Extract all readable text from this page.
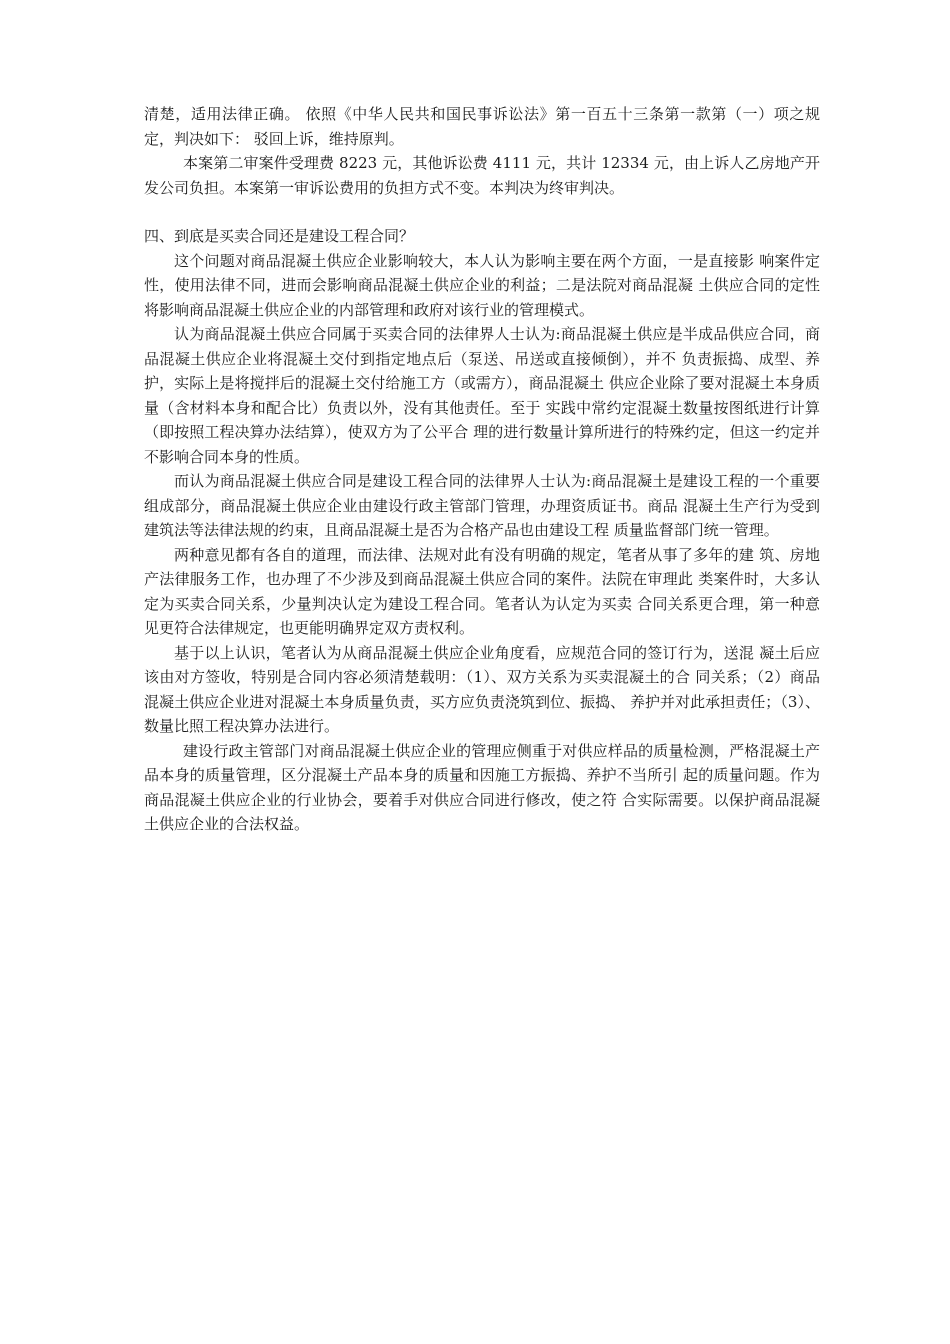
清楚，适用法律正确。 依照《中华人民共和国民事诉讼法》第一百五十三条第一款第（一）项之规定，判决如下： 驳回上诉，维持原判。

本案第二审案件受理费 8223 元，其他诉讼费 4111 元，共计 12334 元，由上诉人乙房地产开发公司负担。本案第一审诉讼费用的负担方式不变。本判决为终审判决。

四、到底是买卖合同还是建设工程合同？

这个问题对商品混凝土供应企业影响较大，本人认为影响主要在两个方面，一是直接影 响案件定性，使用法律不同，进而会影响商品混凝土供应企业的利益；二是法院对商品混凝 土供应合同的定性将影响商品混凝土供应企业的内部管理和政府对该行业的管理模式。

认为商品混凝土供应合同属于买卖合同的法律界人士认为:商品混凝土供应是半成品供应合同，商品混凝土供应企业将混凝土交付到指定地点后（泵送、吊送或直接倾倒），并不 负责振捣、成型、养护，实际上是将搅拌后的混凝土交付给施工方（或需方），商品混凝土 供应企业除了要对混凝土本身质量（含材料本身和配合比）负责以外，没有其他责任。至于 实践中常约定混凝土数量按图纸进行计算（即按照工程决算办法结算），使双方为了公平合 理的进行数量计算所进行的特殊约定，但这一约定并不影响合同本身的性质。

而认为商品混凝土供应合同是建设工程合同的法律界人士认为:商品混凝土是建设工程的一个重要组成部分，商品混凝土供应企业由建设行政主管部门管理，办理资质证书。商品 混凝土生产行为受到建筑法等法律法规的约束，且商品混凝土是否为合格产品也由建设工程 质量监督部门统一管理。

两种意见都有各自的道理，而法律、法规对此有没有明确的规定，笔者从事了多年的建 筑、房地产法律服务工作，也办理了不少涉及到商品混凝土供应合同的案件。法院在审理此 类案件时，大多认定为买卖合同关系，少量判决认定为建设工程合同。笔者认为认定为买卖 合同关系更合理，第一种意见更符合法律规定，也更能明确界定双方责权利。

基于以上认识，笔者认为从商品混凝土供应企业角度看，应规范合同的签订行为，送混 凝土后应该由对方签收，特别是合同内容必须清楚载明：（1）、双方关系为买卖混凝土的合 同关系；（2）商品混凝土供应企业进对混凝土本身质量负责，买方应负责浇筑到位、振捣、 养护并对此承担责任；（3）、数量比照工程决算办法进行。

建设行政主管部门对商品混凝土供应企业的管理应侧重于对供应样品的质量检测，严格混凝土产品本身的质量管理，区分混凝土产品本身的质量和因施工方振捣、养护不当所引 起的质量问题。作为商品混凝土供应企业的行业协会，要着手对供应合同进行修改，使之符 合实际需要。以保护商品混凝土供应企业的合法权益。
